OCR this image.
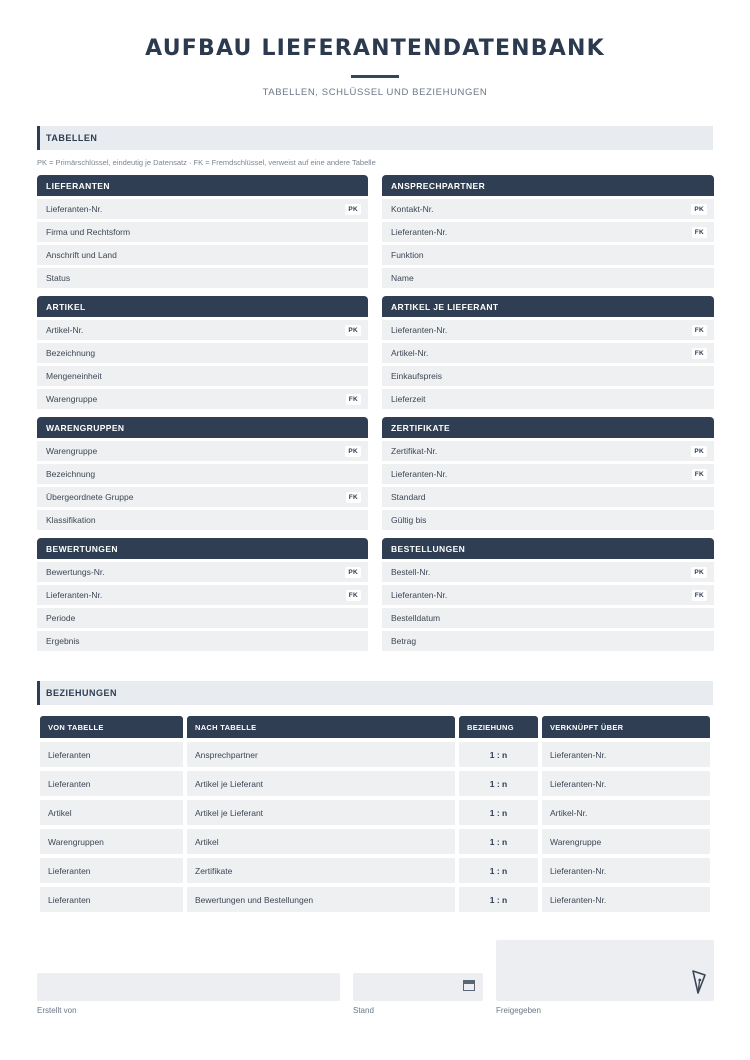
AUFBAU LIEFERANTENDATENBANK
TABELLEN, SCHLÜSSEL UND BEZIEHUNGEN
TABELLEN
PK = Primärschlüssel, eindeutig je Datensatz · FK = Fremdschlüssel, verweist auf eine andere Tabelle
LIEFERANTEN
Lieferanten-Nr.	PK
Firma und Rechtsform
Anschrift und Land
Status
ANSPRECHPARTNER
Kontakt-Nr.	PK
Lieferanten-Nr.	FK
Funktion
Name
ARTIKEL
Artikel-Nr.	PK
Bezeichnung
Mengeneinheit
Warengruppe	FK
ARTIKEL JE LIEFERANT
Lieferanten-Nr.	FK
Artikel-Nr.	FK
Einkaufspreis
Lieferzeit
WARENGRUPPEN
Warengruppe	PK
Bezeichnung
Übergeordnete Gruppe	FK
Klassifikation
ZERTIFIKATE
Zertifikat-Nr.	PK
Lieferanten-Nr.	FK
Standard
Gültig bis
BEWERTUNGEN
Bewertungs-Nr.	PK
Lieferanten-Nr.	FK
Periode
Ergebnis
BESTELLUNGEN
Bestell-Nr.	PK
Lieferanten-Nr.	FK
Bestelldatum
Betrag
BEZIEHUNGEN
VON TABELLE	NACH TABELLE	BEZIEHUNG	VERKNÜPFT ÜBER
Lieferanten	Ansprechpartner	1 : n	Lieferanten-Nr.
Lieferanten	Artikel je Lieferant	1 : n	Lieferanten-Nr.
Artikel	Artikel je Lieferant	1 : n	Artikel-Nr.
Warengruppen	Artikel	1 : n	Warengruppe
Lieferanten	Zertifikate	1 : n	Lieferanten-Nr.
Lieferanten	Bewertungen und Bestellungen	1 : n	Lieferanten-Nr.
Erstellt von	Stand	Freigegeben
